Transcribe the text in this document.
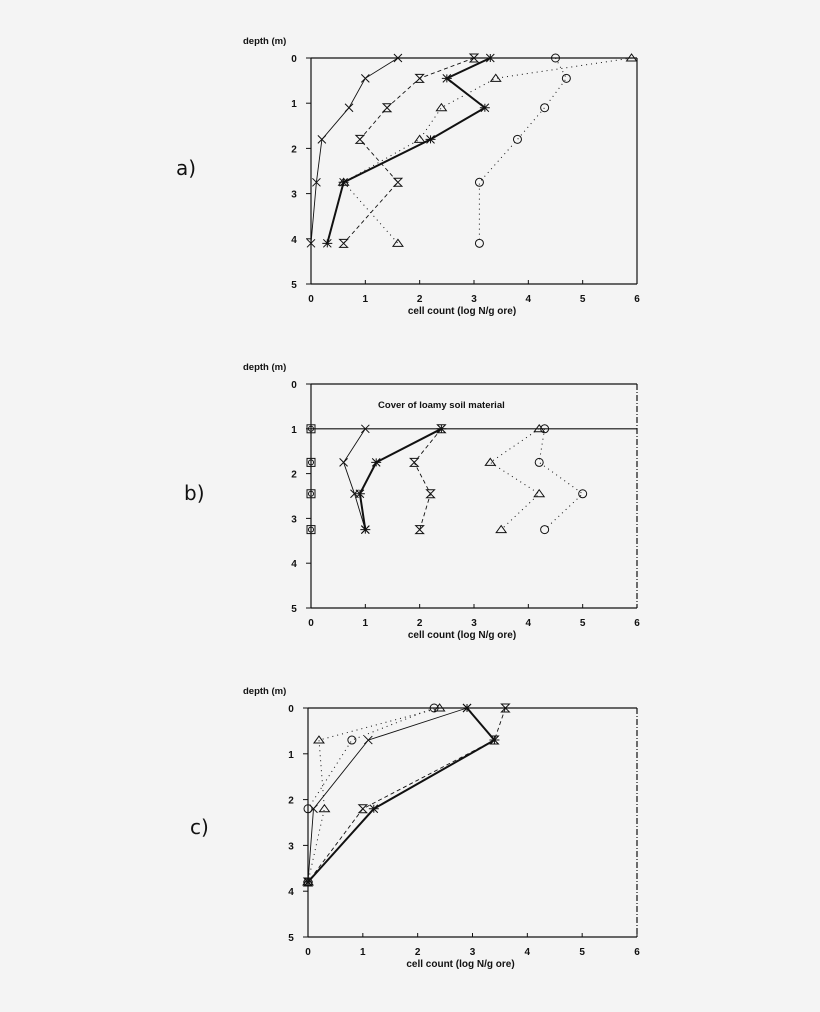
a)
0	1	2	3	4	5	6
cell count (log N/g ore)
0
1
2
3
4
5
depth (m)
b)
0	1	2	3	4	5	6
cell count (log N/g ore)
0
1
2
3
4
5
depth (m)
Cover of loamy soil material
c)
0	1	2	3	4	5	6
cell count (log N/g ore)
0
1
2
3
4
5
depth (m)
